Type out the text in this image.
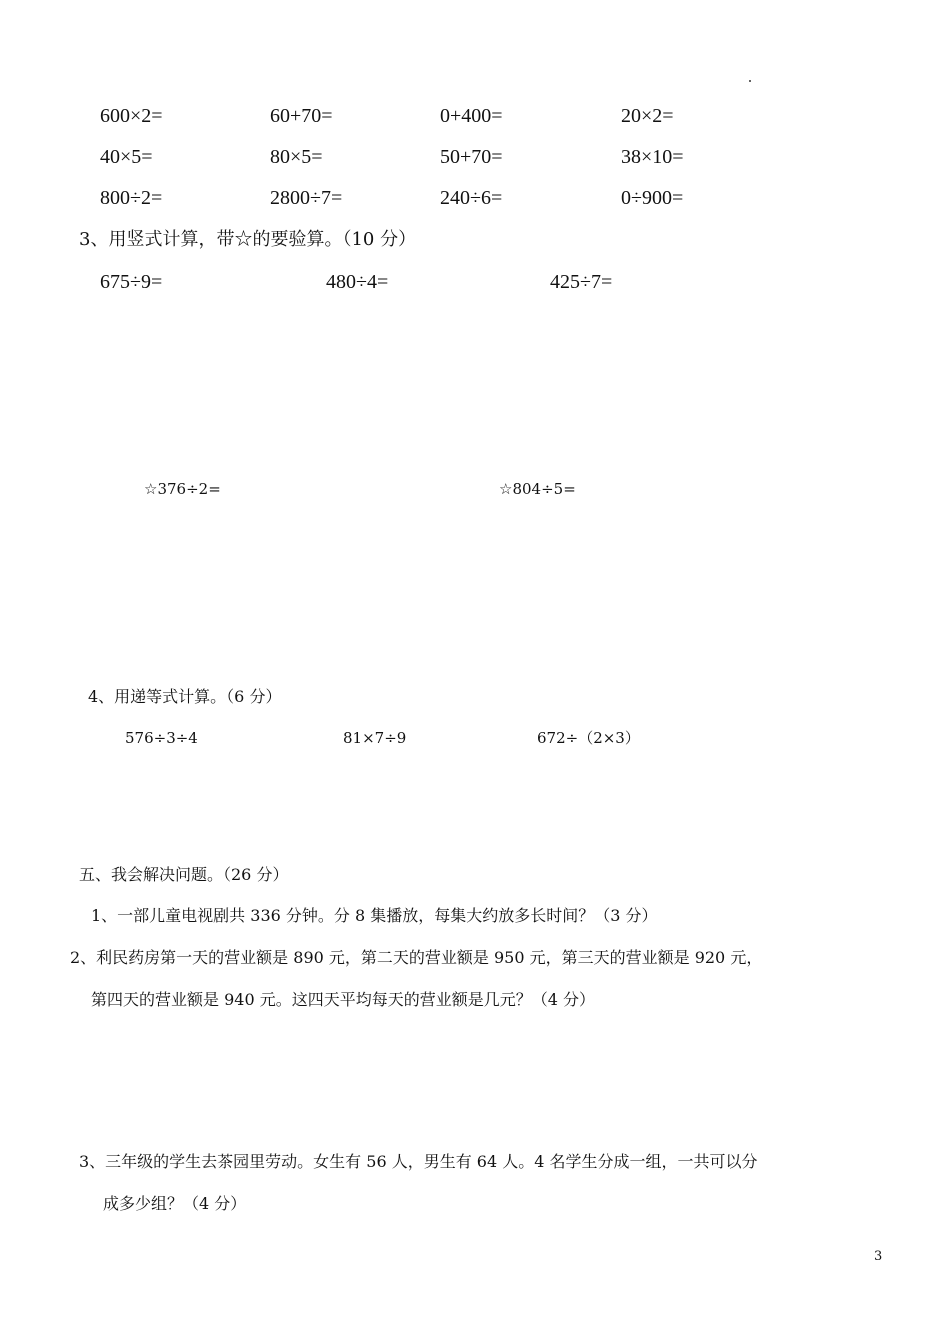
600×2=	60+70=	0+400=	20×2=
40×5=	80×5=	50+70=	38×10=
800÷2=	2800÷7=	240÷6=	0÷900=
3、用竖式计算，带☆的要验算。（10 分）
675÷9=	480÷4=	425÷7=
☆376÷2=	☆804÷5=
4、用递等式计算。（6 分）
576÷3÷4	81×7÷9	672÷（2×3）
五、我会解决问题。（26 分）
1、一部儿童电视剧共 336 分钟。分 8 集播放，每集大约放多长时间？（3 分）
2、利民药房第一天的营业额是 890 元，第二天的营业额是 950 元，第三天的营业额是 920 元，
第四天的营业额是 940 元。这四天平均每天的营业额是几元？（4 分）
3、三年级的学生去茶园里劳动。女生有 56 人，男生有 64 人。4 名学生分成一组，一共可以分
成多少组？（4 分）
3
